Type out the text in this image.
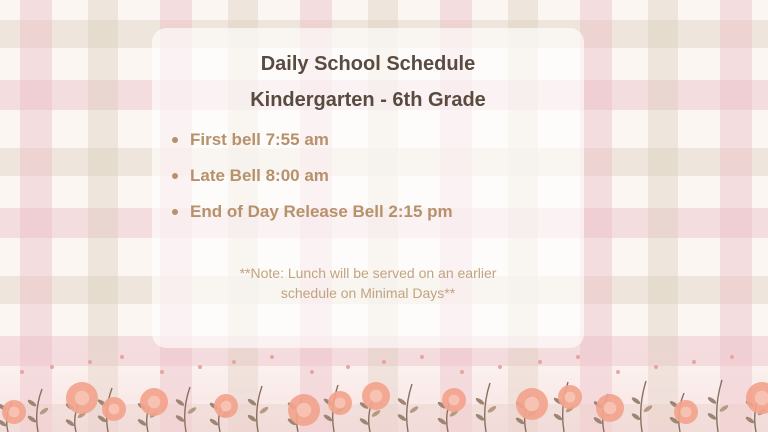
Daily School Schedule
Kindergarten - 6th Grade
First bell 7:55 am
Late Bell 8:00 am
End of Day Release Bell 2:15 pm
**Note: Lunch will be served on an earlier
schedule on Minimal Days**
